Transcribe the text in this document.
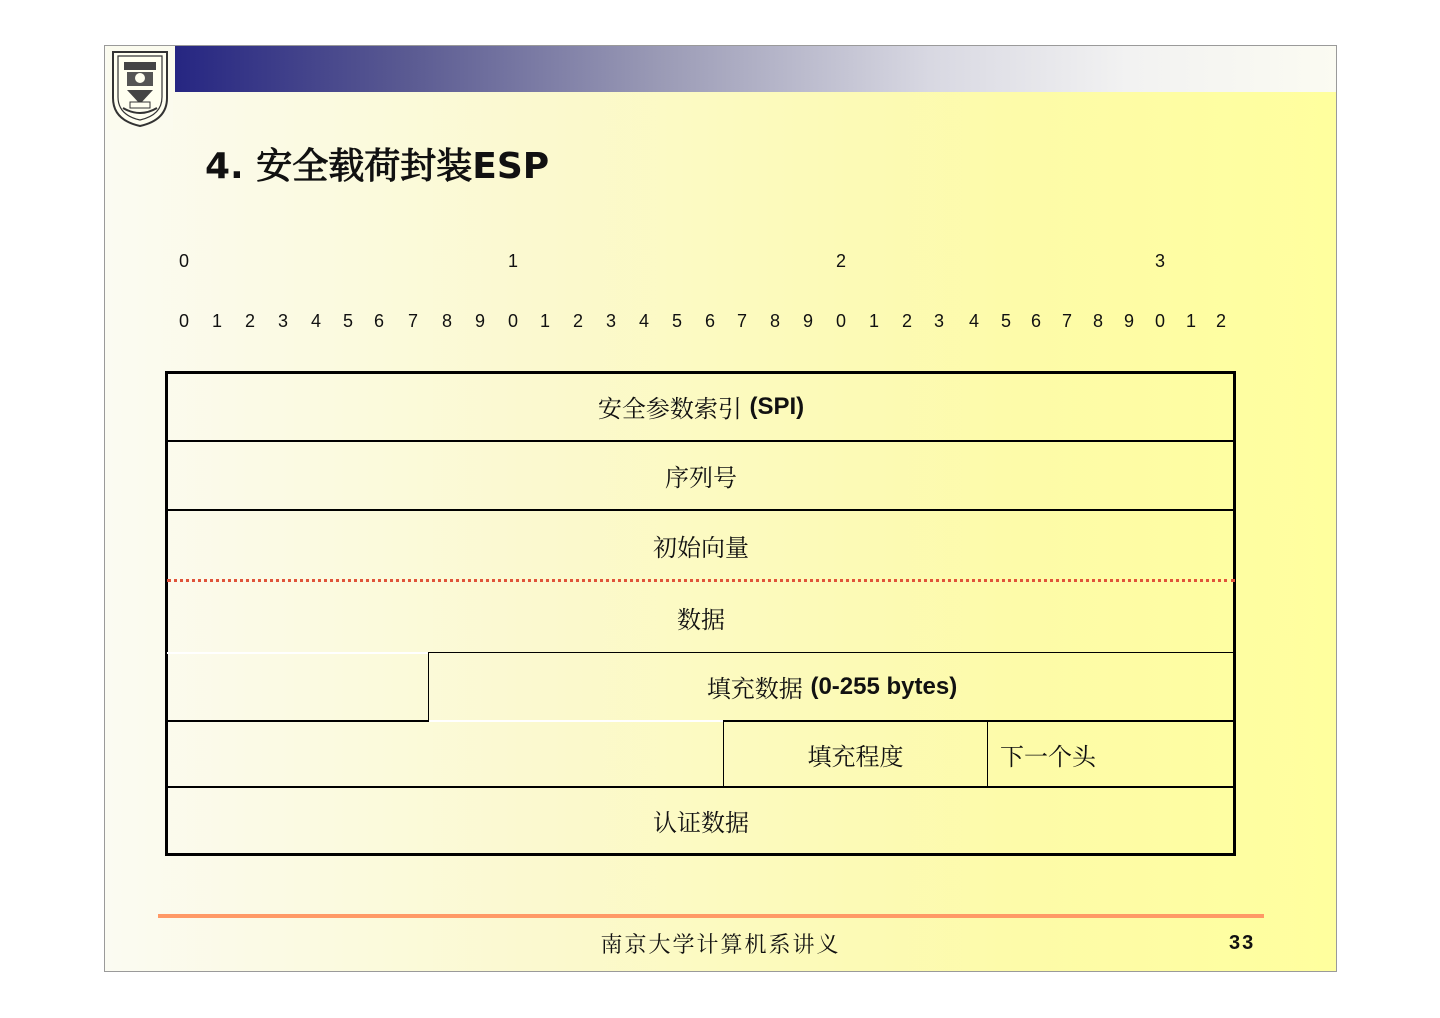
4. 安全载荷封装ESP
0	1	2	3
0 1 2 3 4 5 6 7 8 9 0 1 2 3 4 5 6 7 8 9 0 1 2 3 4 5 6 7 8 9 0 1 2
安全参数索引
(SPI)
序列号
初始向量
数据
填充数据
(0-255 bytes)
填充程度	下一个头
认证数据
南京大学计算机系讲义	33
